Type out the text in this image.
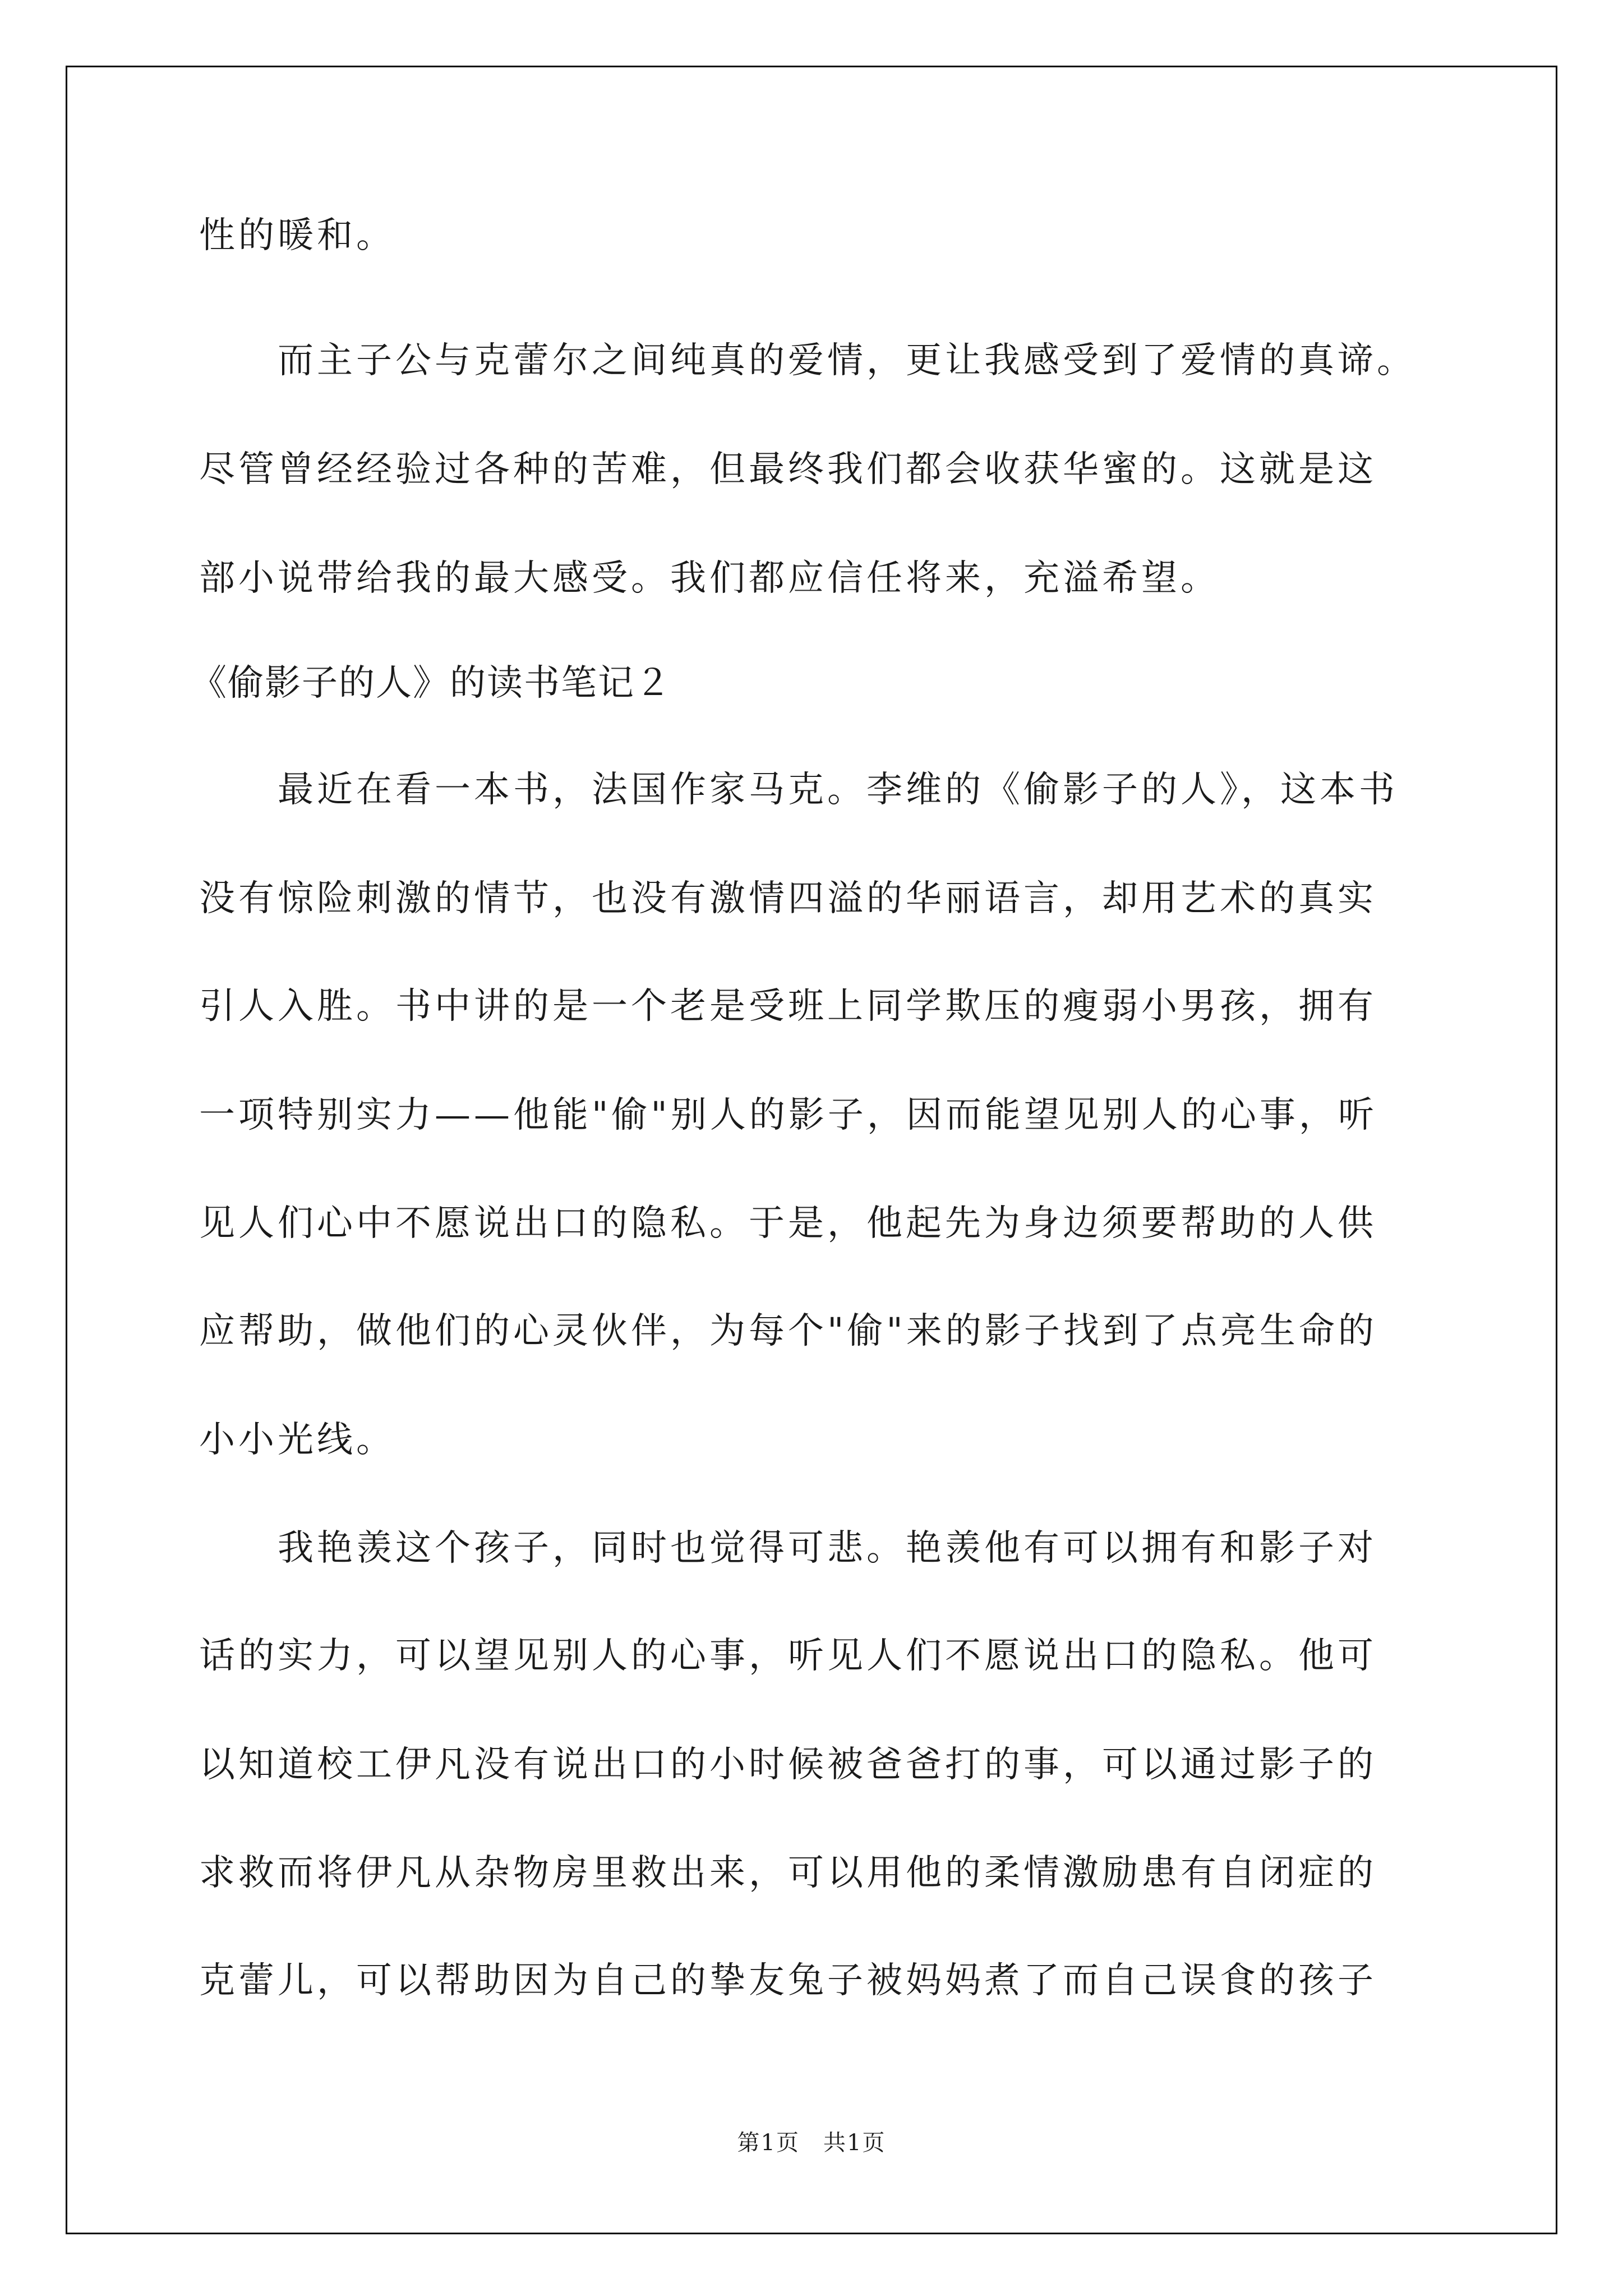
性的暖和。
　　而主子公与克蕾尔之间纯真的爱情，更让我感受到了爱情的真谛。
尽管曾经经验过各种的苦难，但最终我们都会收获华蜜的。这就是这
部小说带给我的最大感受。我们都应信任将来，充溢希望。
《偷影子的人》的读书笔记２
　　最近在看一本书，法国作家马克。李维的《偷影子的人》，这本书
没有惊险刺激的情节，也没有激情四溢的华丽语言，却用艺术的真实
引人入胜。书中讲的是一个老是受班上同学欺压的瘦弱小男孩，拥有
一项特别实力——他能"偷"别人的影子，因而能望见别人的心事，听
见人们心中不愿说出口的隐私。于是，他起先为身边须要帮助的人供
应帮助，做他们的心灵伙伴，为每个"偷"来的影子找到了点亮生命的
小小光线。
　　我艳羡这个孩子，同时也觉得可悲。艳羡他有可以拥有和影子对
话的实力，可以望见别人的心事，听见人们不愿说出口的隐私。他可
以知道校工伊凡没有说出口的小时候被爸爸打的事，可以通过影子的
求救而将伊凡从杂物房里救出来，可以用他的柔情激励患有自闭症的
克蕾儿，可以帮助因为自己的挚友兔子被妈妈煮了而自己误食的孩子
第1页　共1页
